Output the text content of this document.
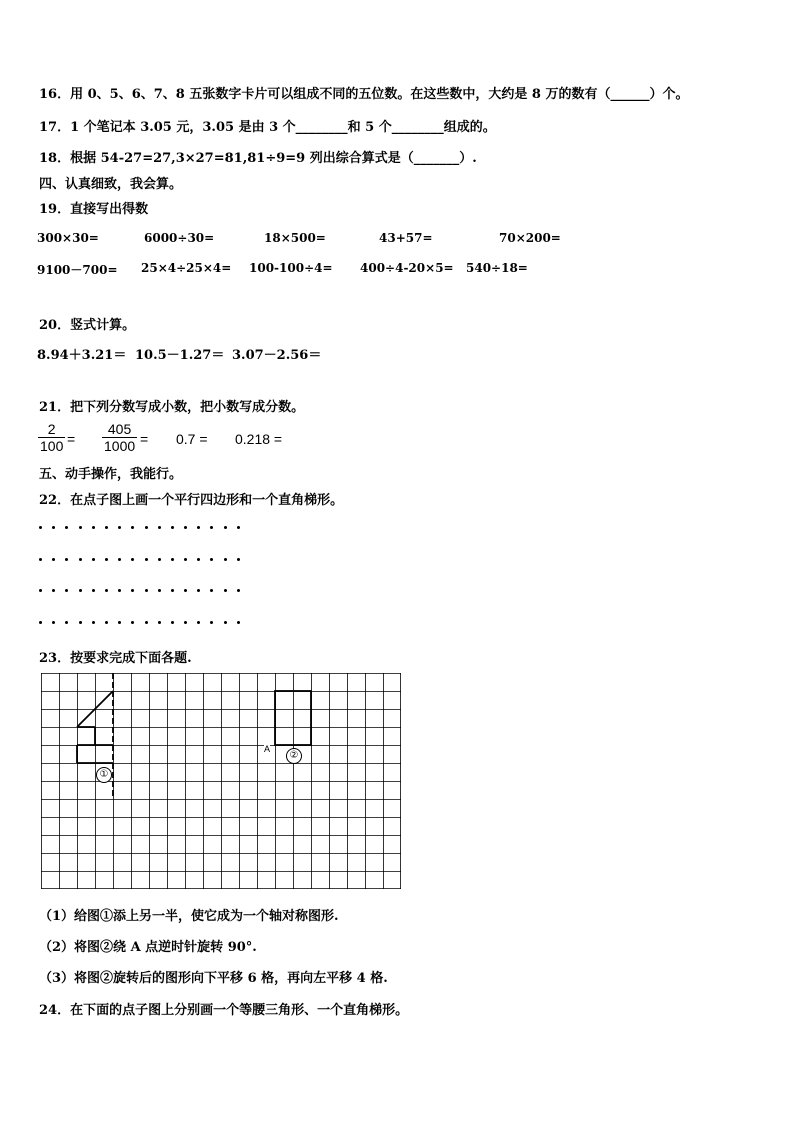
16．用 0、5、6、7、8 五张数字卡片可以组成不同的五位数。在这些数中，大约是 8 万的数有（______）个。
17．1 个笔记本 3.05 元，3.05 是由 3 个________和 5 个________组成的。
18．根据 54-27=27,3×27=81,81÷9=9 列出综合算式是（_______）.
四、认真细致，我会算。
19．直接写出得数
300×30=	6000÷30=	18×500=	43+57=	70×200=
9100－700= 25×4÷25×4= 100-100÷4= 400÷4-20×5= 540÷18=
20．竖式计算。
8.94＋3.21＝ 10.5－1.27＝ 3.07－2.56＝
21．把下列分数写成小数，把小数写成分数。
2
100 =
405
1000 = 0.7 = 0.218 =
五、动手操作，我能行。
22．在点子图上画一个平行四边形和一个直角梯形。
23．按要求完成下面各题.
①
②
A
（1）给图①添上另一半，使它成为一个轴对称图形.
（2）将图②绕 A 点逆时针旋转 90°.
（3）将图②旋转后的图形向下平移 6 格，再向左平移 4 格.
24．在下面的点子图上分别画一个等腰三角形、一个直角梯形。
